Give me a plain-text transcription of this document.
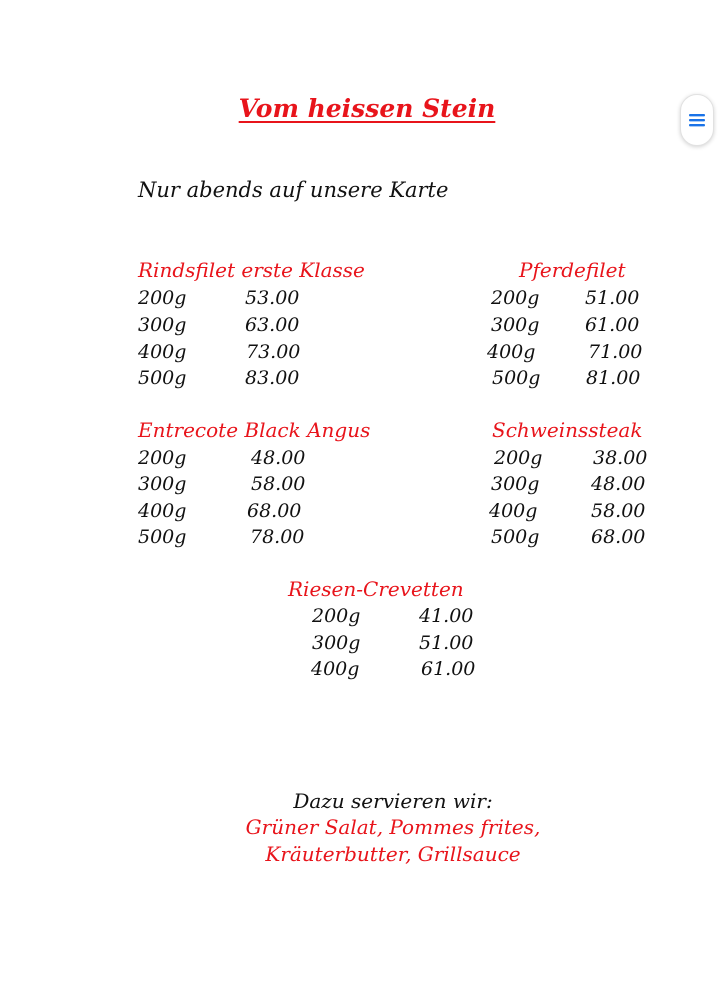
Vom heissen Stein
Nur abends auf unsere Karte
Rindsfilet erste Klasse
200g	53.00
300g	63.00
400g	73.00
500g	83.00
Pferdefilet
200g 51.00
300g 61.00
400g	71.00
500g 81.00
Entrecote Black Angus
200g	48.00
300g	58.00
400g	68.00
500g	78.00
Schweinssteak
200g	38.00
300g	48.00
400g	58.00
500g	68.00
Riesen-Crevetten
200g	41.00
300g	51.00
400g	61.00
Dazu servieren wir:
Grüner Salat, Pommes frites,
Kräuterbutter, Grillsauce
